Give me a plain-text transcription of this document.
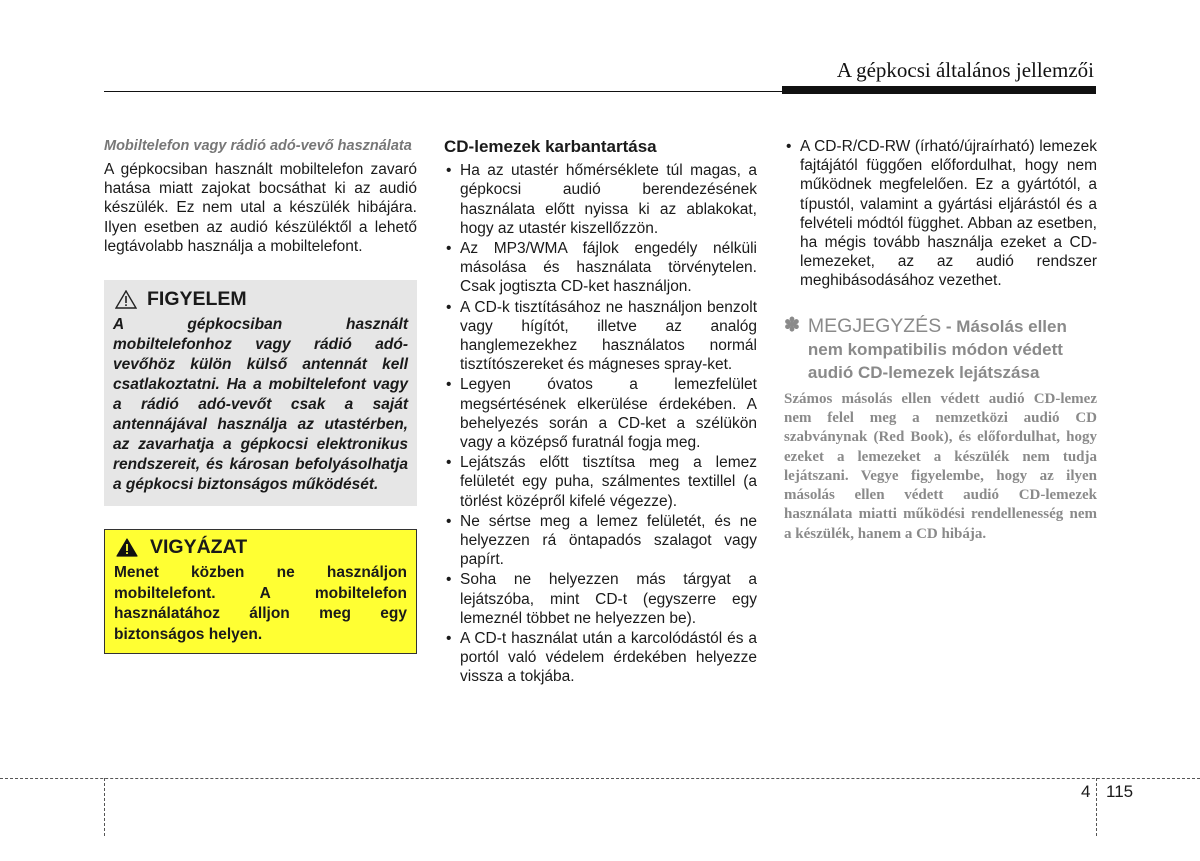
A gépkocsi általános jellemzői
Mobiltelefon vagy rádió adó-vevő használata

A gépkocsiban használt mobiltelefon zavaró hatása miatt zajokat bocsáthat ki az audió készülék. Ez nem utal a készülék hibájára. Ilyen esetben az audió készüléktől a lehető legtávolabb használja a mobiltelefont.

FIGYELEM

A gépkocsiban használt mobiltelefonhoz vagy rádió adó-vevőhöz külön külső antennát kell csatlakoztatni. Ha a mobiltelefont vagy a rádió adó-vevőt csak a saját antennájával használja az utastérben, az zavarhatja a gépkocsi elektronikus rendszereit, és károsan befolyásolhatja a gépkocsi biztonságos működését.

VIGYÁZAT

Menet közben ne használjon mobiltelefont. A mobiltelefon használatához álljon meg egy biztonságos helyen.

CD-lemezek karbantartása
• Ha az utastér hőmérséklete túl magas, a gépkocsi audió berendezésének használata előtt nyissa ki az ablakokat, hogy az utastér kiszellőzzön.
• Az MP3/WMA fájlok engedély nélküli másolása és használata törvénytelen. Csak jogtiszta CD-ket használjon.
• A CD-k tisztításához ne használjon benzolt vagy hígítót, illetve az analóg hanglemezekhez használatos normál tisztítószereket és mágneses spray-ket.
• Legyen óvatos a lemezfelület megsértésének elkerülése érdekében. A behelyezés során a CD-ket a szélükön vagy a középső furatnál fogja meg.
• Lejátszás előtt tisztítsa meg a lemez felületét egy puha, szálmentes textillel (a törlést középről kifelé végezze).
• Ne sértse meg a lemez felületét, és ne helyezzen rá öntapadós szalagot vagy papírt.
• Soha ne helyezzen más tárgyat a lejátszóba, mint CD-t (egyszerre egy lemeznél többet ne helyezzen be).
• A CD-t használat után a karcolódástól és a portól való védelem érdekében helyezze vissza a tokjába.
• A CD-R/CD-RW (írható/újraírható) lemezek fajtájától függően előfordulhat, hogy nem működnek megfelelően. Ez a gyártótól, a típustól, valamint a gyártási eljárástól és a felvételi módtól függhet. Abban az esetben, ha mégis tovább használja ezeket a CD-lemezeket, az az audió rendszer meghibásodásához vezethet.
✽ MEGJEGYZÉS - Másolás ellen nem kompatibilis módon védett audió CD-lemezek lejátszása

Számos másolás ellen védett audió CD-lemez nem felel meg a nemzetközi audió CD szabványnak (Red Book), és előfordulhat, hogy ezeket a lemezeket a készülék nem tudja lejátszani. Vegye figyelembe, hogy az ilyen másolás ellen védett audió CD-lemezek használata miatti működési rendellenesség nem a készülék, hanem a CD hibája.

4 115
